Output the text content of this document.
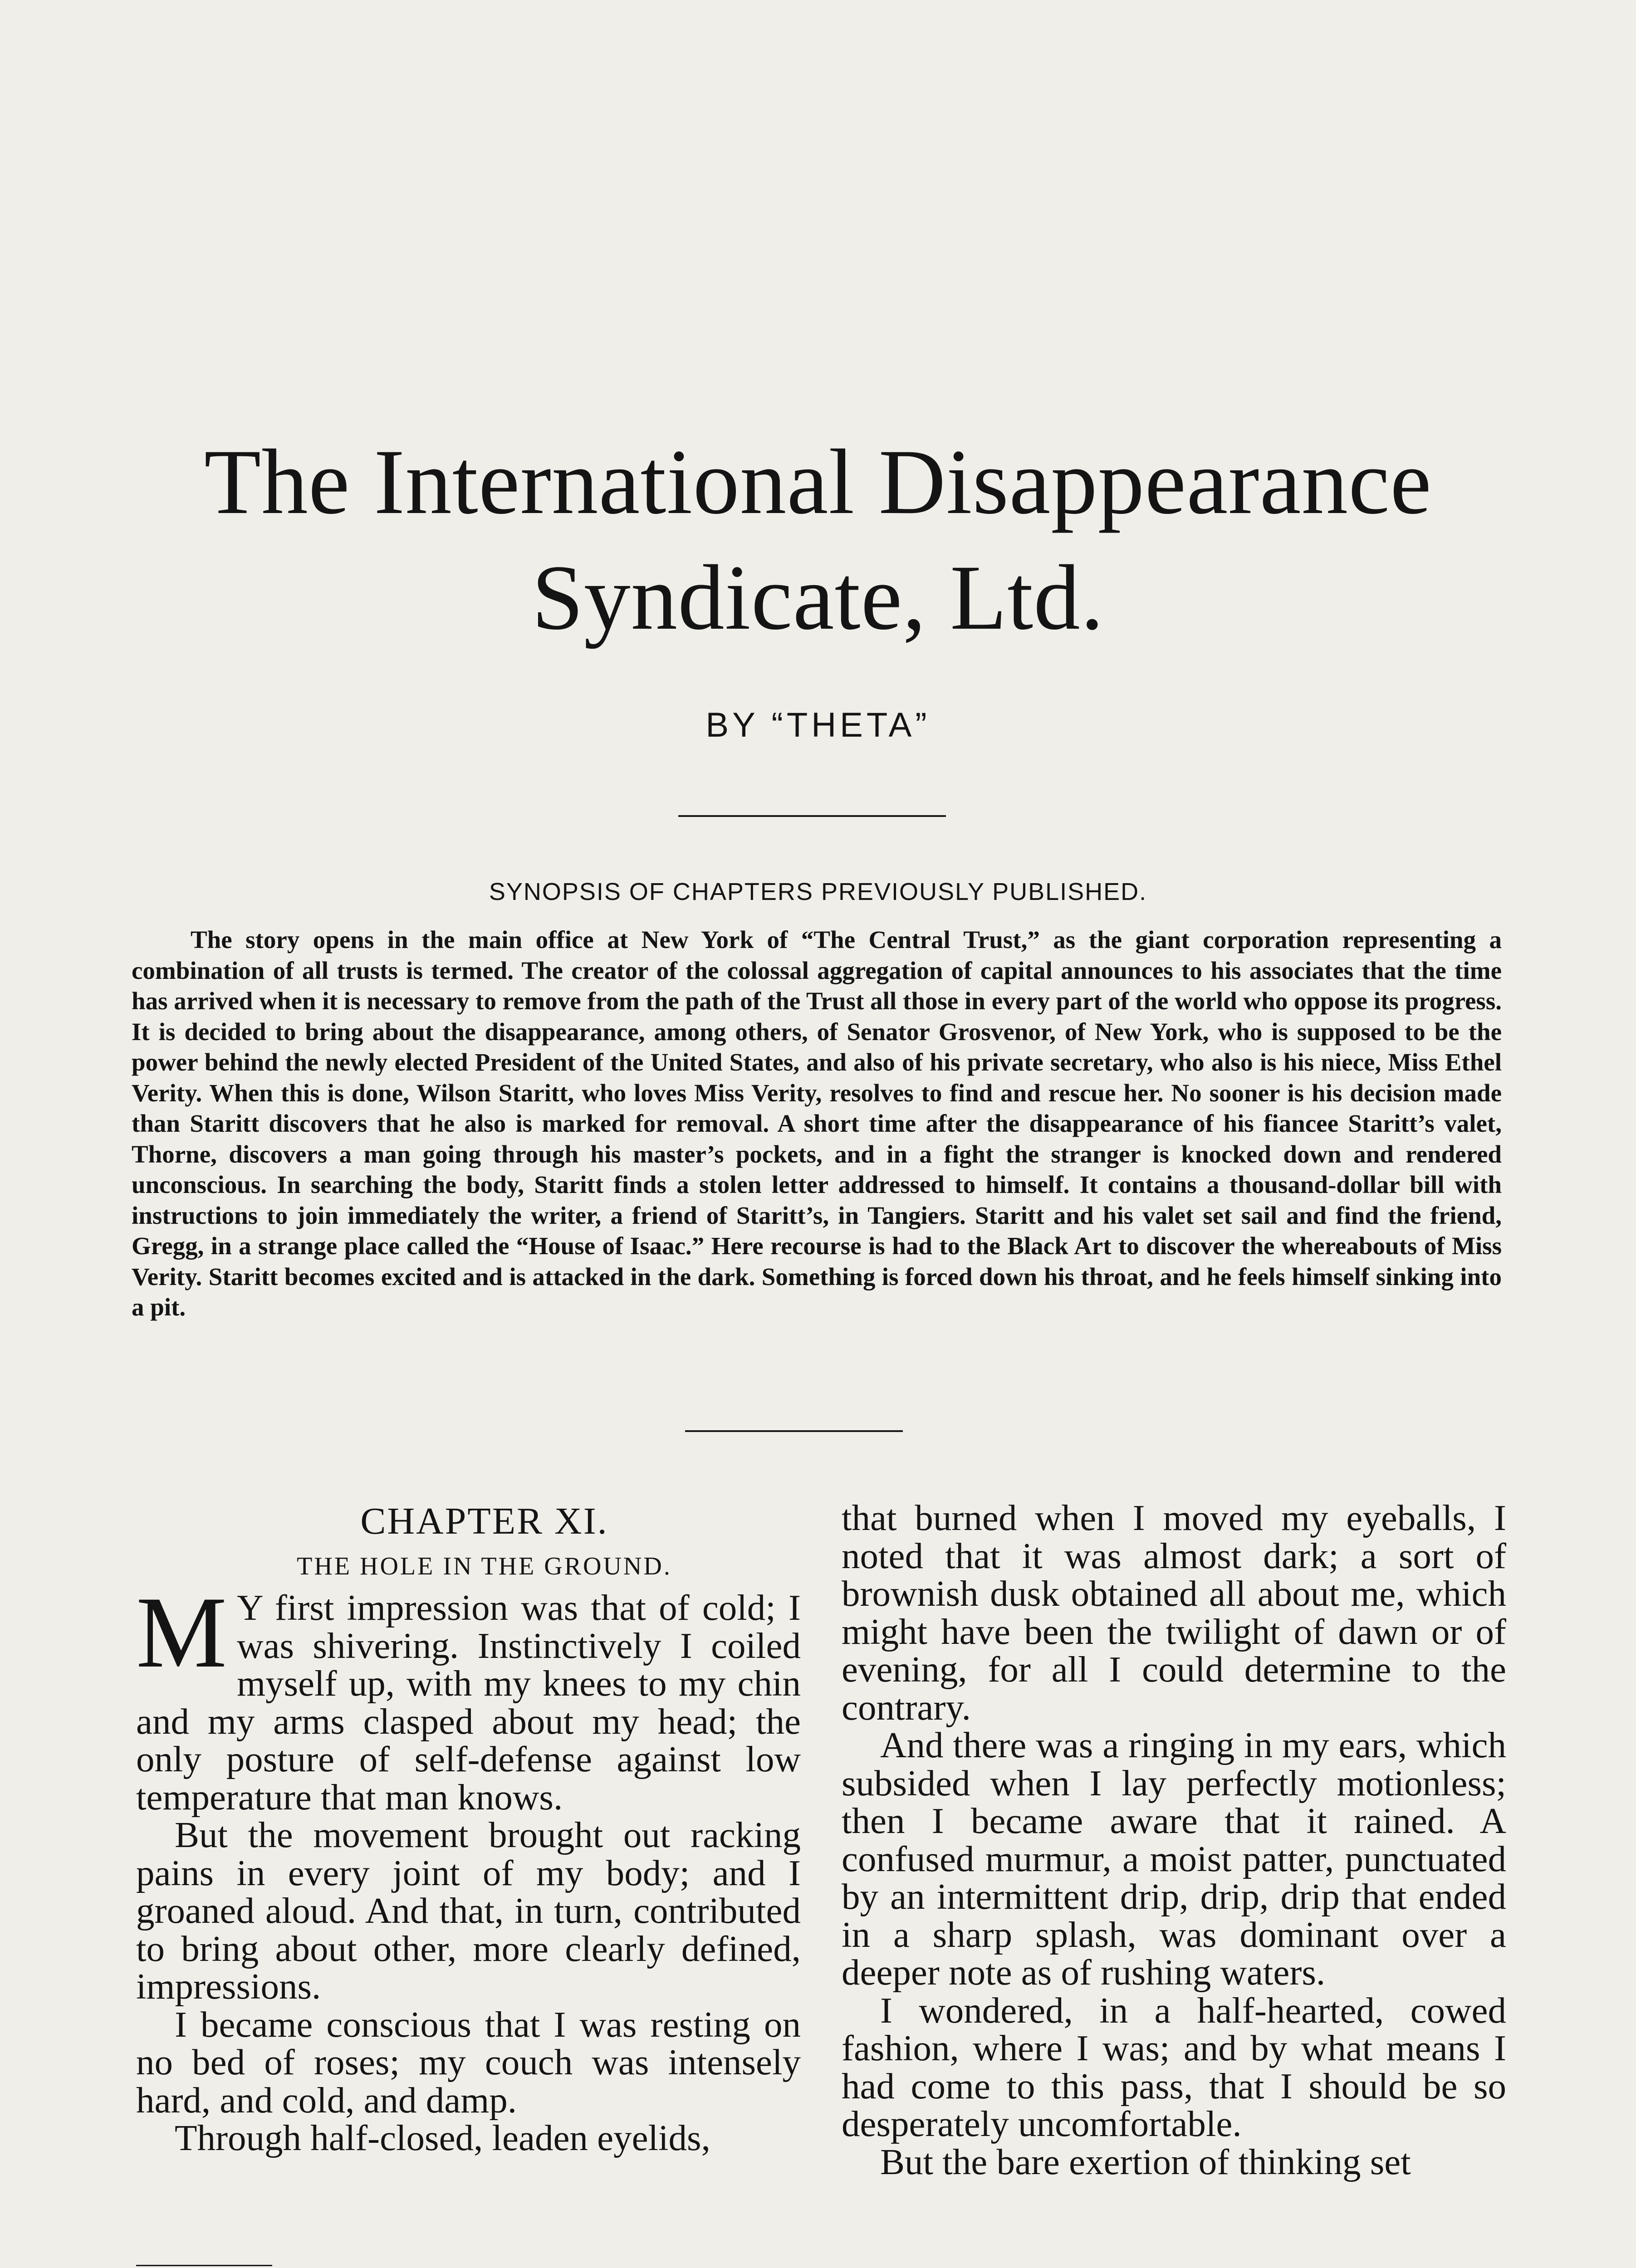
The International Disappearance
Syndicate, Ltd.
BY “THETA”
SYNOPSIS OF CHAPTERS PREVIOUSLY PUBLISHED.

The story opens in the main office at New York of “The Central Trust,” as the giant corporation representing a combination of all trusts is termed. The creator of the colossal aggregation of capital announces to his associates that the time has arrived when it is necessary to remove from the path of the Trust all those in every part of the world who oppose its progress. It is decided to bring about the disappearance, among others, of Senator Grosvenor, of New York, who is supposed to be the power behind the newly elected President of the United States, and also of his private secretary, who also is his niece, Miss Ethel Verity. When this is done, Wilson Staritt, who loves Miss Verity, resolves to find and rescue her. No sooner is his decision made than Staritt discovers that he also is marked for removal. A short time after the disappearance of his fiancee Staritt’s valet, Thorne, discovers a man going through his master’s pockets, and in a fight the stranger is knocked down and rendered unconscious. In searching the body, Staritt finds a stolen letter addressed to himself. It contains a thousand-dollar bill with instructions to join immediately the writer, a friend of Staritt’s, in Tangiers. Staritt and his valet set sail and find the friend, Gregg, in a strange place called the “House of Isaac.” Here recourse is had to the Black Art to discover the whereabouts of Miss Verity. Staritt becomes excited and is attacked in the dark. Something is forced down his throat, and he feels himself sinking into a pit.

CHAPTER XI.
THE HOLE IN THE GROUND.

M Y first impression was that of cold; I was shivering. Instinctively I coiled myself up, with my knees to my chin and my arms clasped about my head; the only posture of self-defense against low temperature that man knows.

But the movement brought out racking pains in every joint of my body; and I groaned aloud. And that, in turn, contributed to bring about other, more clearly defined, impressions.

I became conscious that I was resting on no bed of roses; my couch was intensely hard, and cold, and damp.

Through half-closed, leaden eyelids,

that burned when I moved my eyeballs, I noted that it was almost dark; a sort of brownish dusk obtained all about me, which might have been the twilight of dawn or of evening, for all I could determine to the contrary.

And there was a ringing in my ears, which subsided when I lay perfectly motionless; then I became aware that it rained. A confused murmur, a moist patter, punctuated by an intermittent drip, drip, drip that ended in a sharp splash, was dominant over a deeper note as of rushing waters.

I wondered, in a half-hearted, cowed fashion, where I was; and by what means I had come to this pass, that I should be so desperately uncomfortable.

But the bare exertion of thinking set
